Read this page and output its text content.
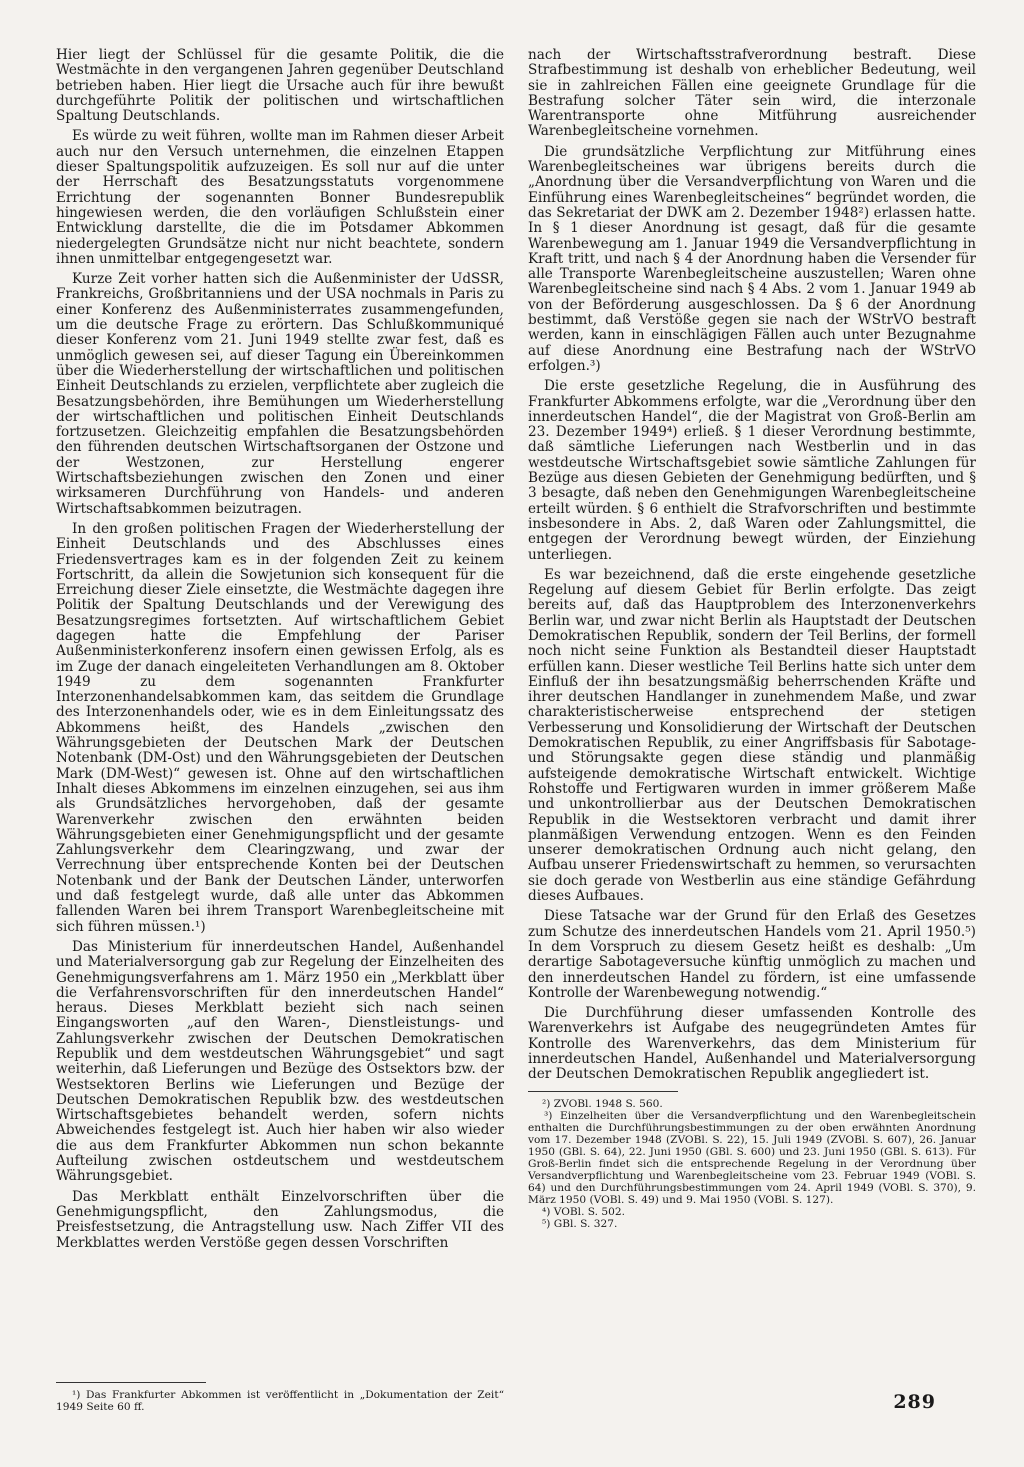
Hier liegt der Schlüssel für die gesamte Politik, die die Westmächte in den vergangenen Jahren gegenüber Deutschland betrieben haben. Hier liegt die Ursache auch für ihre bewußt durchgeführte Politik der politischen und wirtschaftlichen Spaltung Deutschlands.

Es würde zu weit führen, wollte man im Rahmen dieser Arbeit auch nur den Versuch unternehmen, die einzelnen Etappen dieser Spaltungspolitik aufzuzeigen. Es soll nur auf die unter der Herrschaft des Besatzungsstatuts vorgenommene Errichtung der sogenannten Bonner Bundesrepublik hingewiesen werden, die den vorläufigen Schlußstein einer Entwicklung darstellte, die die im Potsdamer Abkommen niedergelegten Grundsätze nicht nur nicht beachtete, sondern ihnen unmittelbar entgegengesetzt war.

Kurze Zeit vorher hatten sich die Außenminister der UdSSR, Frankreichs, Großbritanniens und der USA nochmals in Paris zu einer Konferenz des Außenministerrates zusammengefunden, um die deutsche Frage zu erörtern. Das Schlußkommuniqué dieser Konferenz vom 21. Juni 1949 stellte zwar fest, daß es unmöglich gewesen sei, auf dieser Tagung ein Übereinkommen über die Wiederherstellung der wirtschaftlichen und politischen Einheit Deutschlands zu erzielen, verpflichtete aber zugleich die Besatzungsbehörden, ihre Bemühungen um Wiederherstellung der wirtschaftlichen und politischen Einheit Deutschlands fortzusetzen. Gleichzeitig empfahlen die Besatzungsbehörden den führenden deutschen Wirtschaftsorganen der Ostzone und der Westzonen, zur Herstellung engerer Wirtschaftsbeziehungen zwischen den Zonen und einer wirksameren Durchführung von Handels- und anderen Wirtschaftsabkommen beizutragen.

In den großen politischen Fragen der Wiederherstellung der Einheit Deutschlands und des Abschlusses eines Friedensvertrages kam es in der folgenden Zeit zu keinem Fortschritt, da allein die Sowjetunion sich konsequent für die Erreichung dieser Ziele einsetzte, die Westmächte dagegen ihre Politik der Spaltung Deutschlands und der Verewigung des Besatzungsregimes fortsetzten. Auf wirtschaftlichem Gebiet dagegen hatte die Empfehlung der Pariser Außenministerkonferenz insofern einen gewissen Erfolg, als es im Zuge der danach eingeleiteten Verhandlungen am 8. Oktober 1949 zu dem sogenannten Frankfurter Interzonenhandelsabkommen kam, das seitdem die Grundlage des Interzonenhandels oder, wie es in dem Einleitungssatz des Abkommens heißt, des Handels „zwischen den Währungsgebieten der Deutschen Mark der Deutschen Notenbank (DM-Ost) und den Währungsgebieten der Deutschen Mark (DM-West)“ gewesen ist. Ohne auf den wirtschaftlichen Inhalt dieses Abkommens im einzelnen einzugehen, sei aus ihm als Grundsätzliches hervorgehoben, daß der gesamte Warenverkehr zwischen den erwähnten beiden Währungsgebieten einer Genehmigungspflicht und der gesamte Zahlungsverkehr dem Clearingzwang, und zwar der Verrechnung über entsprechende Konten bei der Deutschen Notenbank und der Bank der Deutschen Länder, unterworfen und daß festgelegt wurde, daß alle unter das Abkommen fallenden Waren bei ihrem Transport Warenbegleitscheine mit sich führen müssen.¹)

Das Ministerium für innerdeutschen Handel, Außenhandel und Materialversorgung gab zur Regelung der Einzelheiten des Genehmigungsverfahrens am 1. März 1950 ein „Merkblatt über die Verfahrensvorschriften für den innerdeutschen Handel“ heraus. Dieses Merkblatt bezieht sich nach seinen Eingangsworten „auf den Waren-, Dienstleistungs- und Zahlungsverkehr zwischen der Deutschen Demokratischen Republik und dem westdeutschen Währungsgebiet“ und sagt weiterhin, daß Lieferungen und Bezüge des Ostsektors bzw. der Westsektoren Berlins wie Lieferungen und Bezüge der Deutschen Demokratischen Republik bzw. des westdeutschen Wirtschaftsgebietes behandelt werden, sofern nichts Abweichendes festgelegt ist. Auch hier haben wir also wieder die aus dem Frankfurter Abkommen nun schon bekannte Aufteilung zwischen ostdeutschem und westdeutschem Währungsgebiet.

Das Merkblatt enthält Einzelvorschriften über die Genehmigungspflicht, den Zahlungsmodus, die Preisfestsetzung, die Antragstellung usw. Nach Ziffer VII des Merkblattes werden Verstöße gegen dessen Vorschriften

¹) Das Frankfurter Abkommen ist veröffentlicht in „Dokumentation der Zeit“ 1949 Seite 60 ff.

nach der Wirtschaftsstrafverordnung bestraft. Diese Strafbestimmung ist deshalb von erheblicher Bedeutung, weil sie in zahlreichen Fällen eine geeignete Grundlage für die Bestrafung solcher Täter sein wird, die interzonale Warentransporte ohne Mitführung ausreichender Warenbegleitscheine vornehmen.

Die grundsätzliche Verpflichtung zur Mitführung eines Warenbegleitscheines war übrigens bereits durch die „Anordnung über die Versandverpflichtung von Waren und die Einführung eines Warenbegleitscheines“ begründet worden, die das Sekretariat der DWK am 2. Dezember 1948²) erlassen hatte. In § 1 dieser Anordnung ist gesagt, daß für die gesamte Warenbewegung am 1. Januar 1949 die Versandverpflichtung in Kraft tritt, und nach § 4 der Anordnung haben die Versender für alle Transporte Warenbegleitscheine auszustellen; Waren ohne Warenbegleitscheine sind nach § 4 Abs. 2 vom 1. Januar 1949 ab von der Beförderung ausgeschlossen. Da § 6 der Anordnung bestimmt, daß Verstöße gegen sie nach der WStrVO bestraft werden, kann in einschlägigen Fällen auch unter Bezugnahme auf diese Anordnung eine Bestrafung nach der WStrVO erfolgen.³)

Die erste gesetzliche Regelung, die in Ausführung des Frankfurter Abkommens erfolgte, war die „Verordnung über den innerdeutschen Handel“, die der Magistrat von Groß-Berlin am 23. Dezember 1949⁴) erließ. § 1 dieser Verordnung bestimmte, daß sämtliche Lieferungen nach Westberlin und in das westdeutsche Wirtschaftsgebiet sowie sämtliche Zahlungen für Bezüge aus diesen Gebieten der Genehmigung bedürften, und § 3 besagte, daß neben den Genehmigungen Warenbegleitscheine erteilt würden. § 6 enthielt die Strafvorschriften und bestimmte insbesondere in Abs. 2, daß Waren oder Zahlungsmittel, die entgegen der Verordnung bewegt würden, der Einziehung unterliegen.

Es war bezeichnend, daß die erste eingehende gesetzliche Regelung auf diesem Gebiet für Berlin erfolgte. Das zeigt bereits auf, daß das Hauptproblem des Interzonenverkehrs Berlin war, und zwar nicht Berlin als Hauptstadt der Deutschen Demokratischen Republik, sondern der Teil Berlins, der formell noch nicht seine Funktion als Bestandteil dieser Hauptstadt erfüllen kann. Dieser westliche Teil Berlins hatte sich unter dem Einfluß der ihn besatzungsmäßig beherrschenden Kräfte und ihrer deutschen Handlanger in zunehmendem Maße, und zwar charakteristischerweise entsprechend der stetigen Verbesserung und Konsolidierung der Wirtschaft der Deutschen Demokratischen Republik, zu einer Angriffsbasis für Sabotage- und Störungsakte gegen diese ständig und planmäßig aufsteigende demokratische Wirtschaft entwickelt. Wichtige Rohstoffe und Fertigwaren wurden in immer größerem Maße und unkontrollierbar aus der Deutschen Demokratischen Republik in die Westsektoren verbracht und damit ihrer planmäßigen Verwendung entzogen. Wenn es den Feinden unserer demokratischen Ordnung auch nicht gelang, den Aufbau unserer Friedenswirtschaft zu hemmen, so verursachten sie doch gerade von Westberlin aus eine ständige Gefährdung dieses Aufbaues.

Diese Tatsache war der Grund für den Erlaß des Gesetzes zum Schutze des innerdeutschen Handels vom 21. April 1950.⁵) In dem Vorspruch zu diesem Gesetz heißt es deshalb: „Um derartige Sabotageversuche künftig unmöglich zu machen und den innerdeutschen Handel zu fördern, ist eine umfassende Kontrolle der Warenbewegung notwendig.“

Die Durchführung dieser umfassenden Kontrolle des Warenverkehrs ist Aufgabe des neugegründeten Amtes für Kontrolle des Warenverkehrs, das dem Ministerium für innerdeutschen Handel, Außenhandel und Materialversorgung der Deutschen Demokratischen Republik angegliedert ist.

²) ZVOBl. 1948 S. 560.

³) Einzelheiten über die Versandverpflichtung und den Warenbegleitschein enthalten die Durchführungsbestimmungen zu der oben erwähnten Anordnung vom 17. Dezember 1948 (ZVOBl. S. 22), 15. Juli 1949 (ZVOBl. S. 607), 26. Januar 1950 (GBl. S. 64), 22. Juni 1950 (GBl. S. 600) und 23. Juni 1950 (GBl. S. 613). Für Groß-Berlin findet sich die entsprechende Regelung in der Verordnung über Versandverpflichtung und Warenbegleitscheine vom 23. Februar 1949 (VOBl. S. 64) und den Durchführungsbestimmungen vom 24. April 1949 (VOBl. S. 370), 9. März 1950 (VOBl. S. 49) und 9. Mai 1950 (VOBl. S. 127).

⁴) VOBl. S. 502.

⁵) GBl. S. 327.

289
